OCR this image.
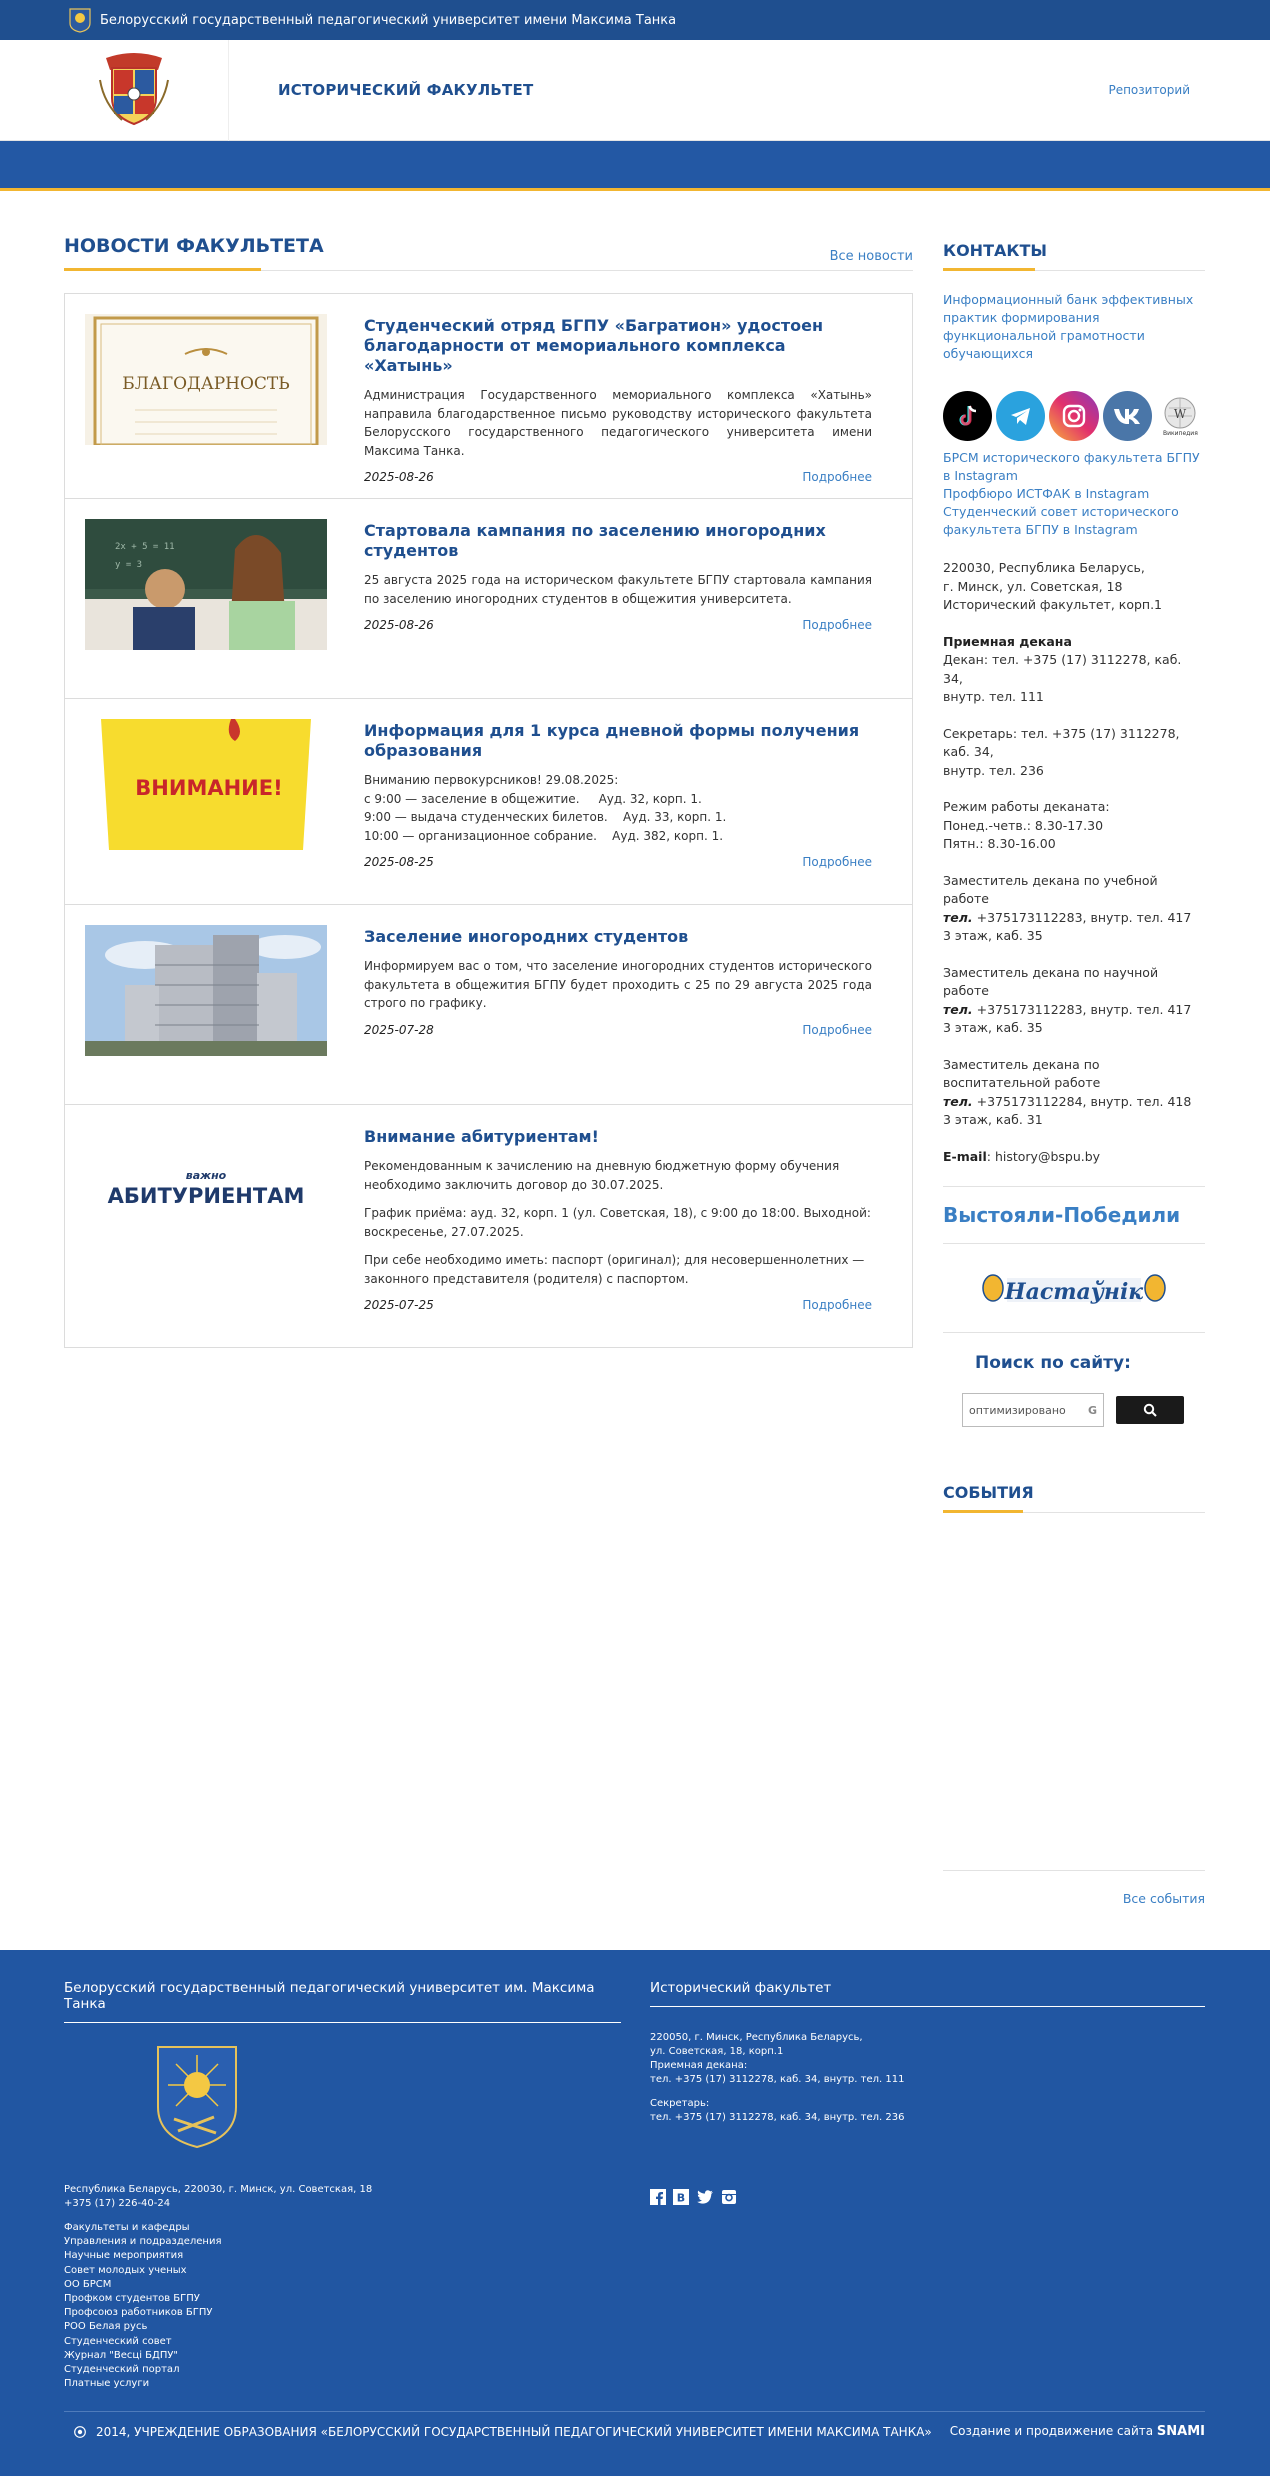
Белорусский государственный педагогический университет имени Максима Танка
ИСТОРИЧЕСКИЙ ФАКУЛЬТЕТ	Репозиторий
НОВОСТИ ФАКУЛЬТЕТА	Все новости
БЛАГОДАРНОСТЬ
Студенческий отряд БГПУ «Багратион» удостоен благодарности от мемориального комплекса «Хатынь»

Администрация Государственного мемориального комплекса «Хатынь» направила благодарственное письмо руководству исторического факультета Белорусского государственного педагогического университета имени Максима Танка.

2025-08-26	Подробнее
2x + 5 = 11
y = 3
Стартовала кампания по заселению иногородних студентов

25 августа 2025 года на историческом факультете БГПУ стартовала кампания по заселению иногородних студентов в общежития университета.

2025-08-26	Подробнее
ВНИМАНИЕ!
Информация для 1 курса дневной формы получения образования

Вниманию первокурсников! 29.08.2025:

с 9:00 — заселение в общежитие.     Ауд. 32, корп. 1.

9:00 — выдача студенческих билетов.    Ауд. 33, корп. 1.

10:00 — организационное собрание.    Ауд. 382, корп. 1.

2025-08-25	Подробнее
Заселение иногородних студентов

Информируем вас о том, что заселение иногородних студентов исторического факультета в общежития БГПУ будет проходить с 25 по 29 августа 2025 года строго по графику.

2025-07-28	Подробнее
важно
АБИТУРИЕНТАМ
Внимание абитуриентам!

Рекомендованным к зачислению на дневную бюджетную форму обучения необходимо заключить договор до 30.07.2025.

График приёма: ауд. 32, корп. 1 (ул. Советская, 18), с 9:00 до 18:00. Выходной: воскресенье, 27.07.2025.

При себе необходимо иметь: паспорт (оригинал); для несовершеннолетних — законного представителя (родителя) с паспортом.

2025-07-25	Подробнее
КОНТАКТЫ
Информационный банк эффективных практик формирования функциональной грамотности обучающихся
W
Википедия
БРСМ исторического факультета БГПУ в Instagram
Профбюро ИСТФАК в Instagram
Студенческий совет исторического факультета БГПУ в Instagram
220030, Республика Беларусь,
г. Минск, ул. Советская, 18
Исторический факультет, корп.1
Приемная декана
Декан: тел. +375 (17) 3112278, каб. 34,
внутр. тел. 111
Секретарь: тел. +375 (17) 3112278, каб. 34,
внутр. тел. 236
Режим работы деканата:
Понед.-четв.: 8.30-17.30
Пятн.: 8.30-16.00
Заместитель декана по учебной работе
тел. +375173112283, внутр. тел. 417
3 этаж, каб. 35
Заместитель декана по научной работе
тел. +375173112283, внутр. тел. 417
3 этаж, каб. 35
Заместитель декана по воспитательной работе
тел. +375173112284, внутр. тел. 418
3 этаж, каб. 31
E-mail: history@bspu.by
Выстояли-Победили
Настаўнік
Поиск по сайту:
оптимизировано G
СОБЫТИЯ
Все события
Белорусский государственный педагогический университет им. Максима Танка
Республика Беларусь, 220030, г. Минск, ул. Советская, 18
+375 (17) 226-40-24
Факультеты и кафедры
Управления и подразделения
Научные мероприятия
Совет молодых ученых
ОО БРСМ
Профком студентов БГПУ
Профсоюз работников БГПУ
РОО Белая русь
Студенческий совет
Журнал "Весці БДПУ"
Студенческий портал
Платные услуги
Исторический факультет
220050, г. Минск, Республика Беларусь,
ул. Советская, 18, корп.1
Приемная декана:
тел. +375 (17) 3112278, каб. 34, внутр. тел. 111
Секретарь:
тел. +375 (17) 3112278, каб. 34, внутр. тел. 236
В
2014, УЧРЕЖДЕНИЕ ОБРАЗОВАНИЯ «БЕЛОРУССКИЙ ГОСУДАРСТВЕННЫЙ ПЕДАГОГИЧЕСКИЙ УНИВЕРСИТЕТ ИМЕНИ МАКСИМА ТАНКА» Создание и продвижение сайта SNAMI
